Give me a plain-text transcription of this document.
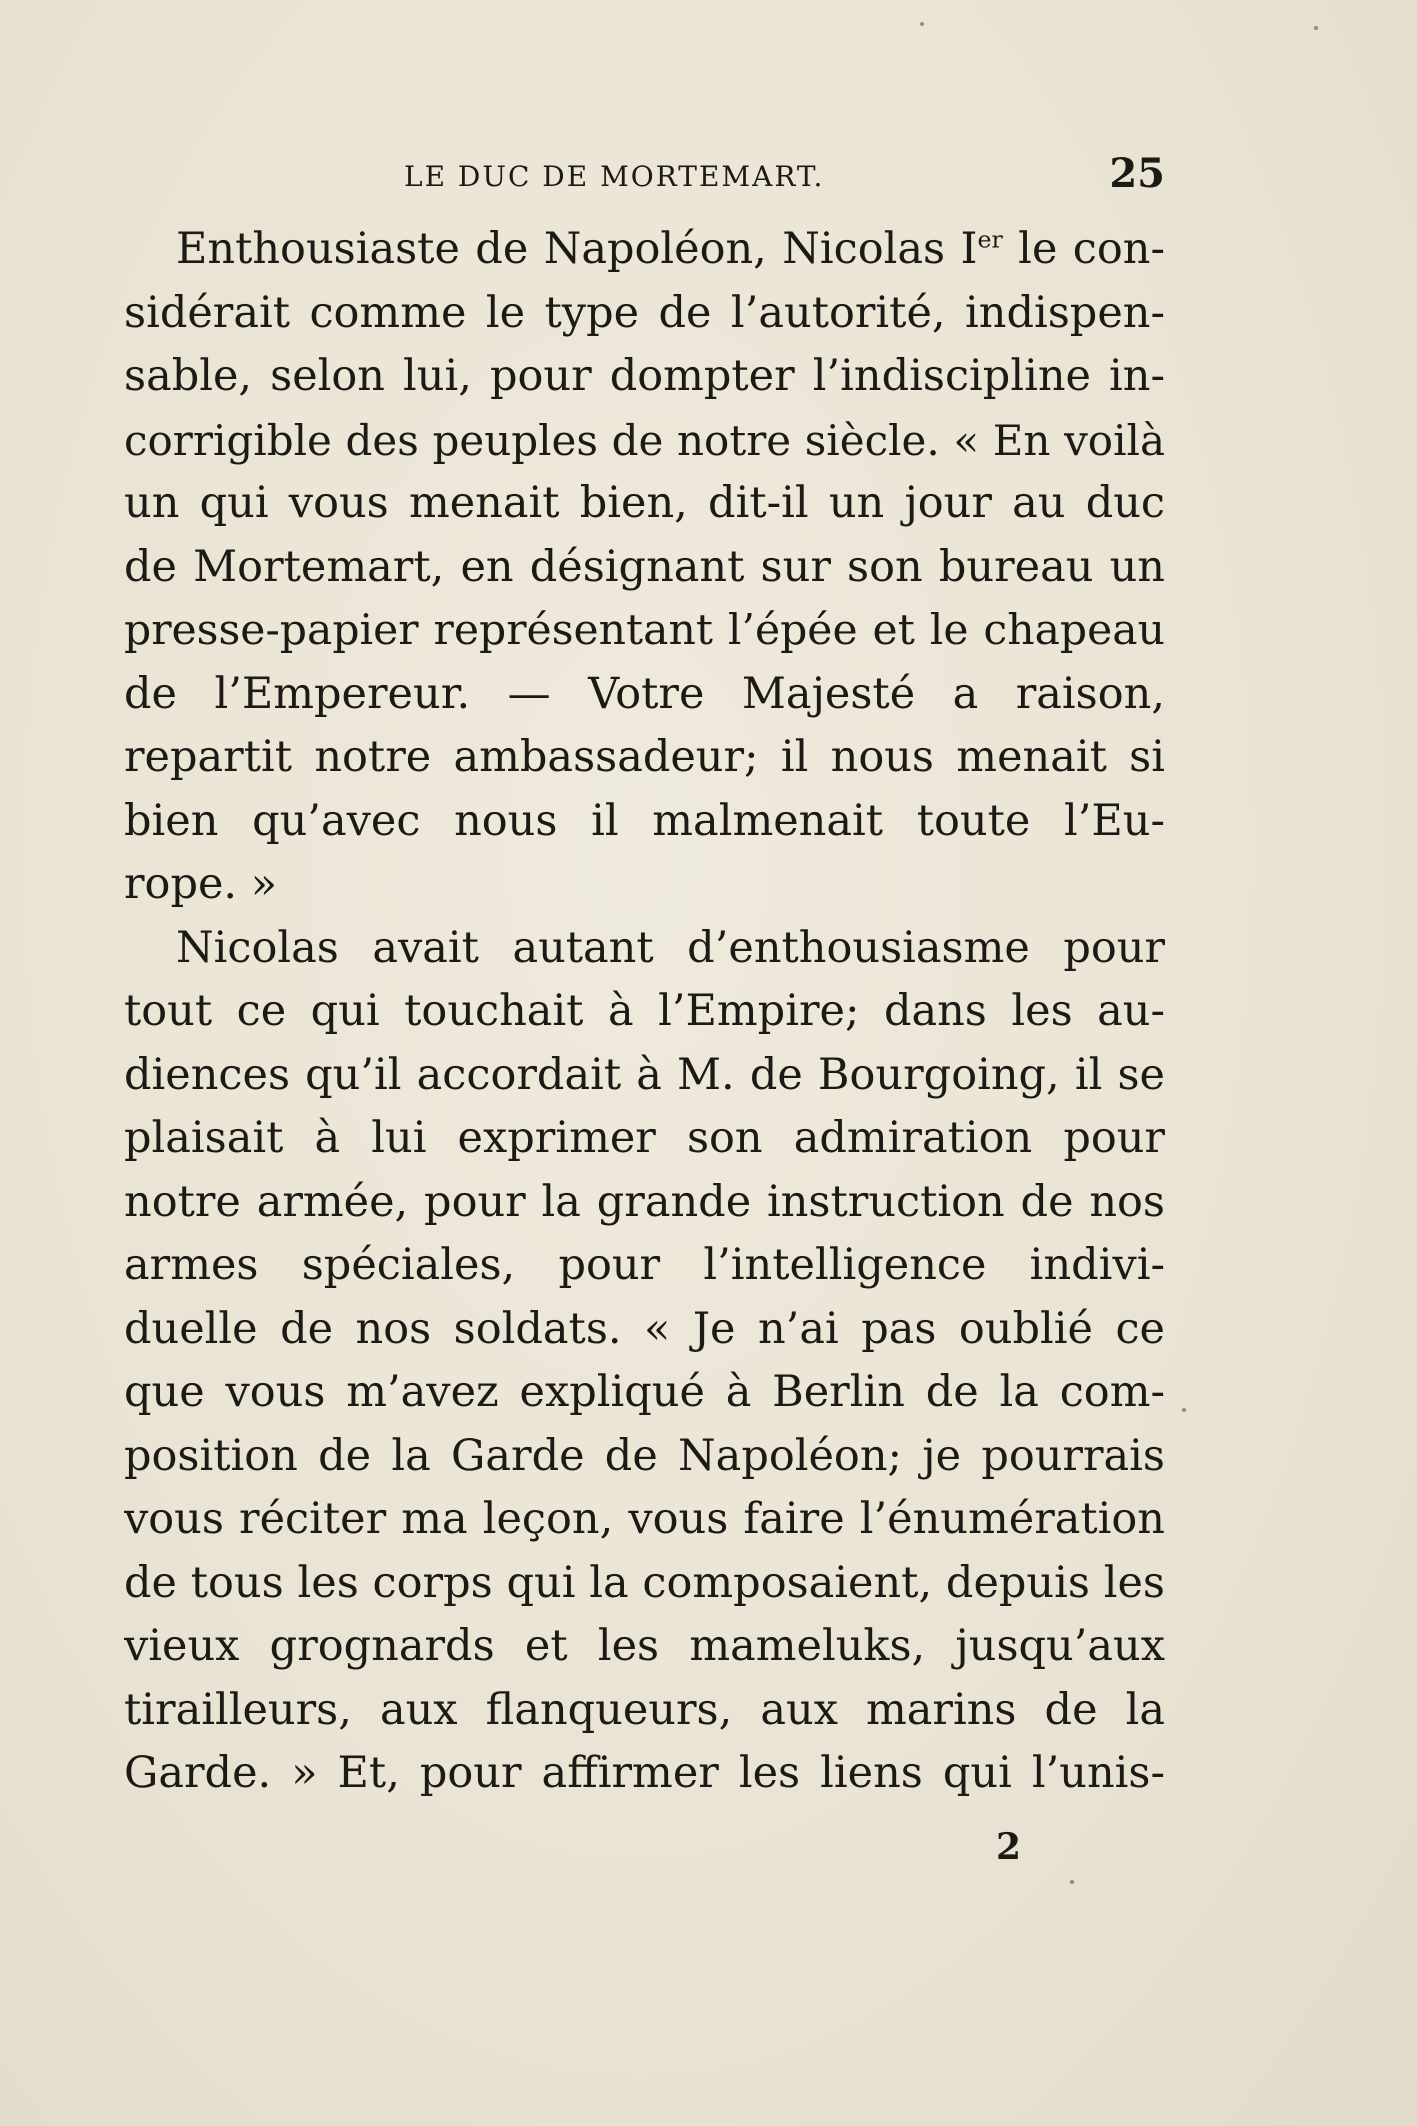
LE DUC DE MORTEMART.	25
Enthousiaste de Napoléon, Nicolas Ier le con-
sidérait comme le type de l’autorité, indispen-
sable, selon lui, pour dompter l’indiscipline in-
corrigible des peuples de notre siècle. « En voilà
un qui vous menait bien, dit-il un jour au duc
de Mortemart, en désignant sur son bureau un
presse-papier représentant l’épée et le chapeau
de l’Empereur. — Votre Majesté a raison,
repartit notre ambassadeur; il nous menait si
bien qu’avec nous il malmenait toute l’Eu-
rope. »
Nicolas avait autant d’enthousiasme pour
tout ce qui touchait à l’Empire; dans les au-
diences qu’il accordait à M. de Bourgoing, il se
plaisait à lui exprimer son admiration pour
notre armée, pour la grande instruction de nos
armes spéciales, pour l’intelligence indivi-
duelle de nos soldats. « Je n’ai pas oublié ce
que vous m’avez expliqué à Berlin de la com-
position de la Garde de Napoléon; je pourrais
vous réciter ma leçon, vous faire l’énumération
de tous les corps qui la composaient, depuis les
vieux grognards et les mameluks, jusqu’aux
tirailleurs, aux flanqueurs, aux marins de la
Garde. » Et, pour affirmer les liens qui l’unis-
2
